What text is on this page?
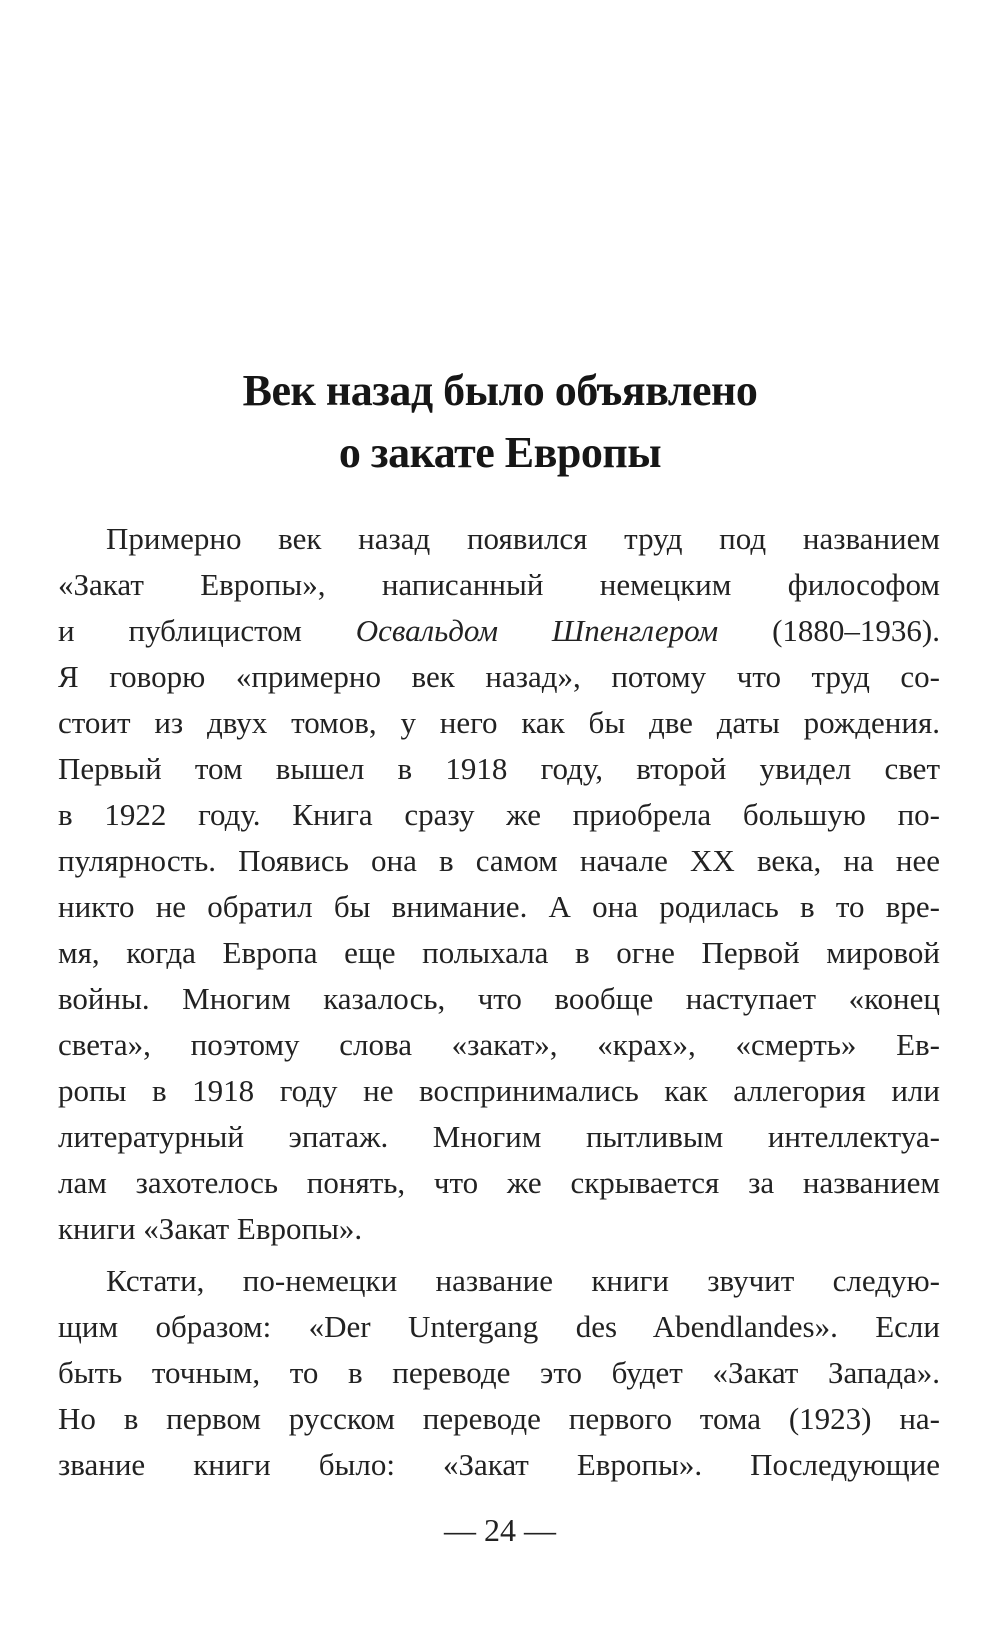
Век назад было объявлено
о закате Европы
Примерно век назад появился труд под названием
«Закат Европы», написанный немецким философом
и публицистом Освальдом Шпенглером (1880–1936).
Я говорю «примерно век назад», потому что труд со-
стоит из двух томов, у него как бы две даты рождения.
Первый том вышел в 1918 году, второй увидел свет
в 1922 году. Книга сразу же приобрела большую по-
пулярность. Появись она в самом начале XX века, на нее
никто не обратил бы внимание. А она родилась в то вре-
мя, когда Европа еще полыхала в огне Первой мировой
войны. Многим казалось, что вообще наступает «конец
света», поэтому слова «закат», «крах», «смерть» Ев-
ропы в 1918 году не воспринимались как аллегория или
литературный эпатаж. Многим пытливым интеллектуа-
лам захотелось понять, что же скрывается за названием
книги «Закат Европы».
Кстати, по-немецки название книги звучит следую-
щим образом: «Der Untergang des Abendlandes». Если
быть точным, то в переводе это будет «Закат Запада».
Но в первом русском переводе первого тома (1923) на-
звание книги было: «Закат Европы». Последующие
— 24 —
